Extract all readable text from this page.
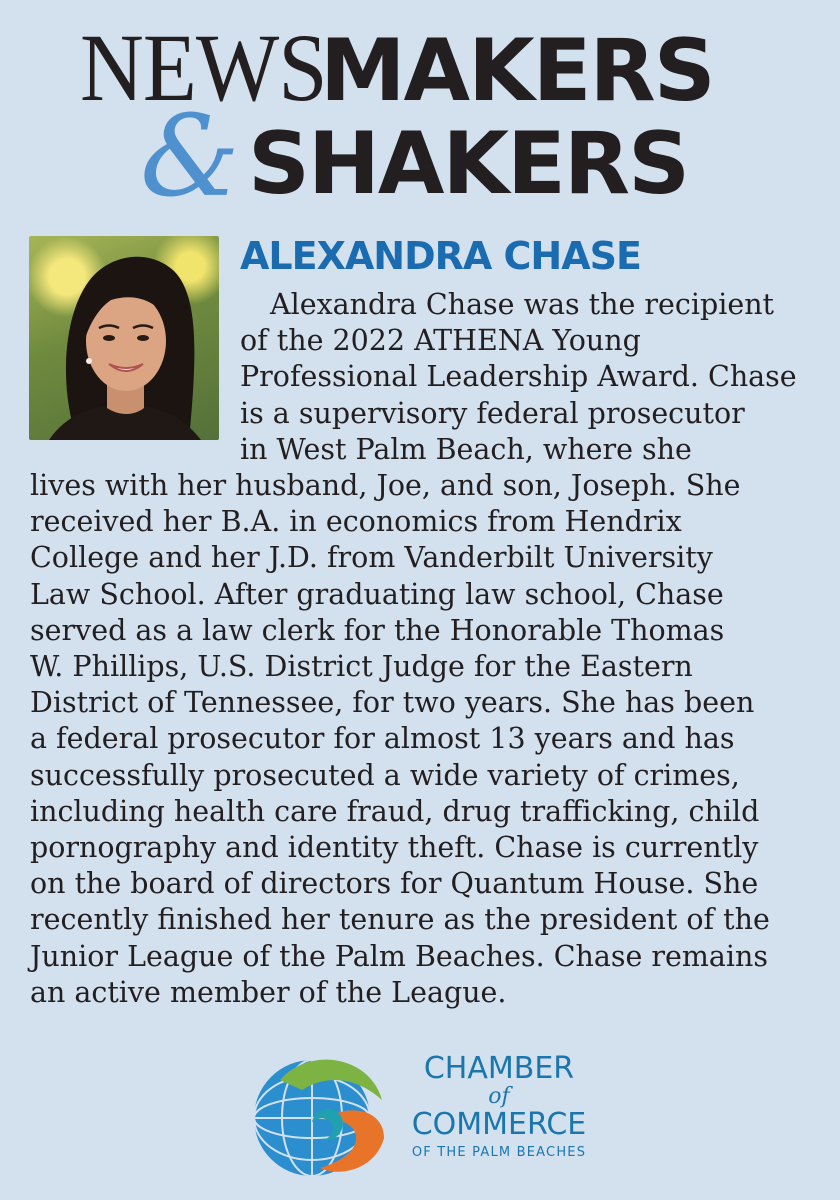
NEWS
MAKERS
& SHAKERS
ALEXANDRA CHASE
Alexandra Chase was the recipient
of the 2022 ATHENA Young
Professional Leadership Award. Chase
is a supervisory federal prosecutor
in West Palm Beach, where she
lives with her husband, Joe, and son, Joseph. She
received her B.A. in economics from Hendrix
College and her J.D. from Vanderbilt University
Law School. After graduating law school, Chase
served as a law clerk for the Honorable Thomas
W. Phillips, U.S. District Judge for the Eastern
District of Tennessee, for two years. She has been
a federal prosecutor for almost 13 years and has
successfully prosecuted a wide variety of crimes,
including health care fraud, drug trafficking, child
pornography and identity theft. Chase is currently
on the board of directors for Quantum House. She
recently finished her tenure as the president of the
Junior League of the Palm Beaches. Chase remains
an active member of the League.
CHAMBER
of
COMMERCE
OF THE PALM BEACHES
